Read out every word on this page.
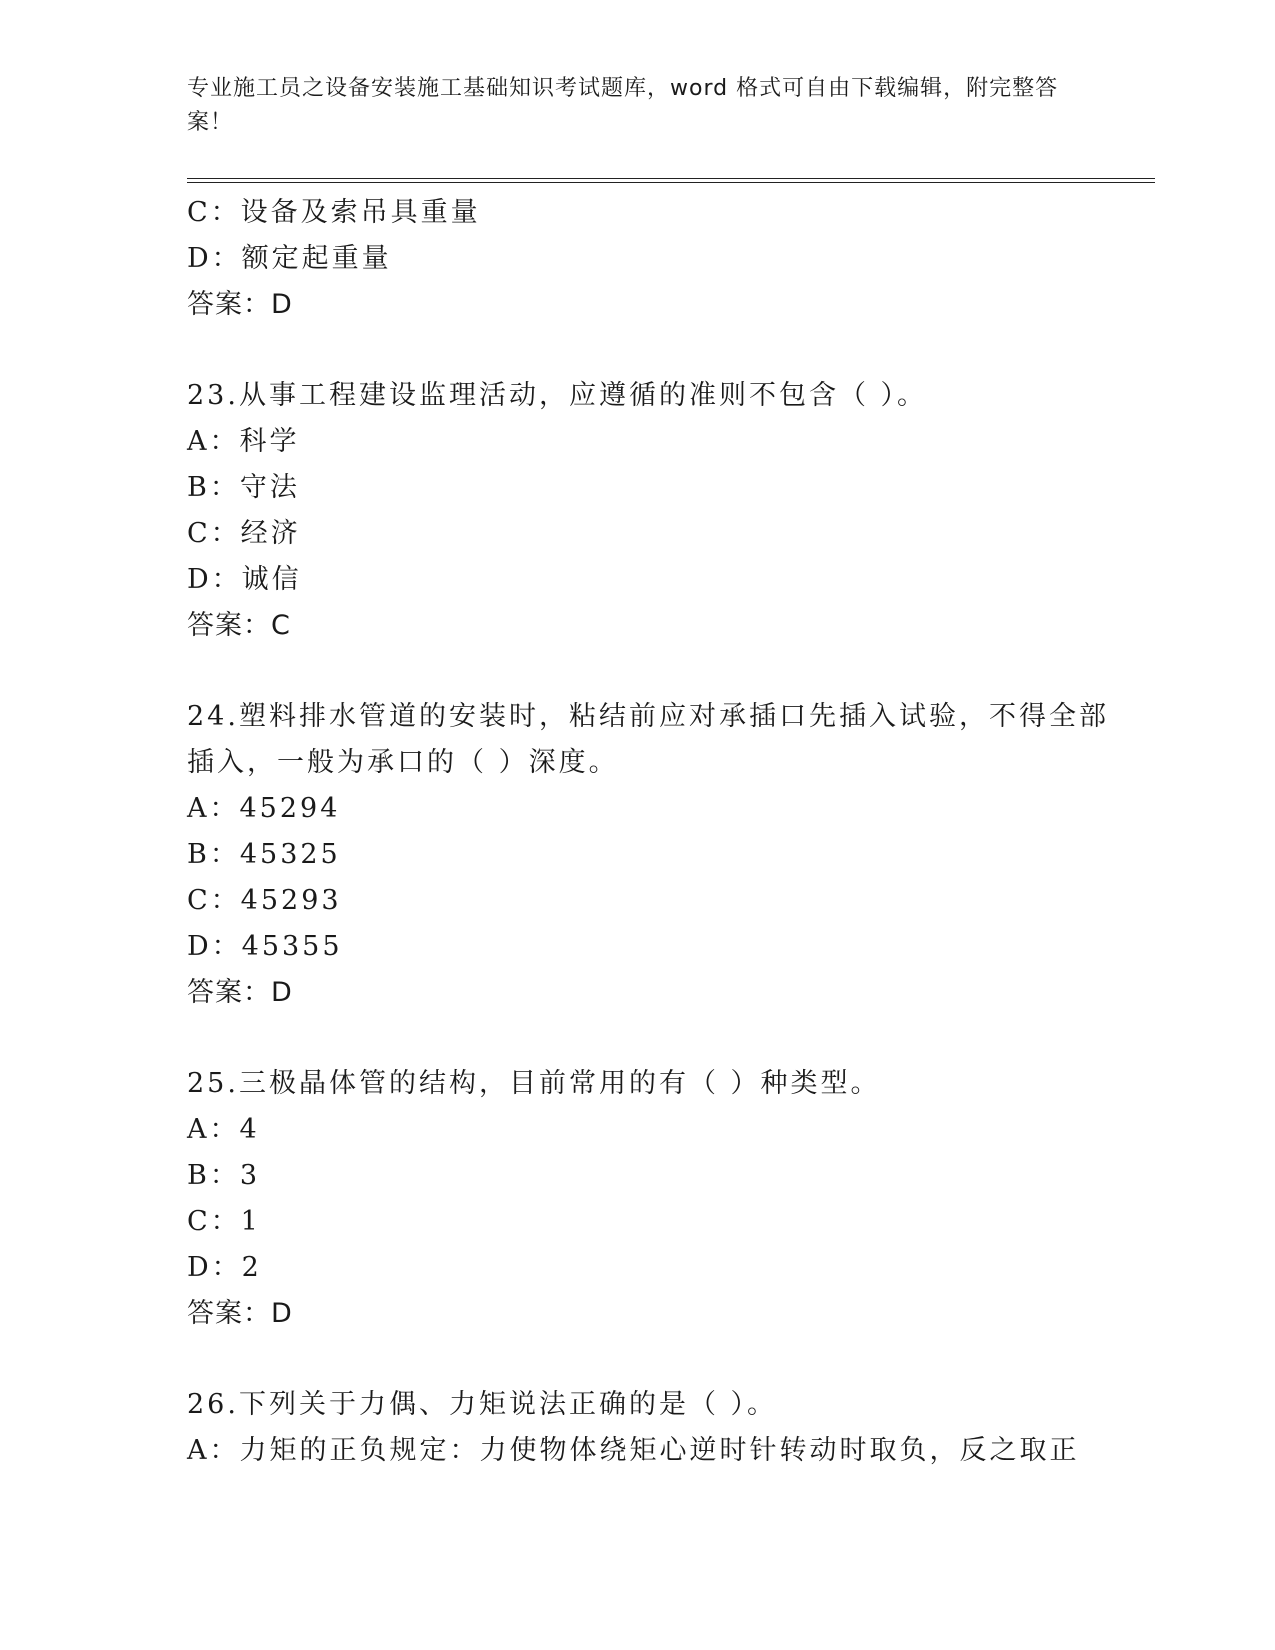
专业施工员之设备安装施工基础知识考试题库，word 格式可自由下载编辑，附完整答案！
C：设备及索吊具重量
D：额定起重量
答案：D
23.从事工程建设监理活动，应遵循的准则不包含（ ）。
A：科学
B：守法
C：经济
D：诚信
答案：C
24.塑料排水管道的安装时，粘结前应对承插口先插入试验，不得全部
插入，一般为承口的（ ）深度。
A：45294
B：45325
C：45293
D：45355
答案：D
25.三极晶体管的结构，目前常用的有（ ）种类型。
A：4
B：3
C：1
D：2
答案：D
26.下列关于力偶、力矩说法正确的是（ ）。
A：力矩的正负规定：力使物体绕矩心逆时针转动时取负，反之取正
